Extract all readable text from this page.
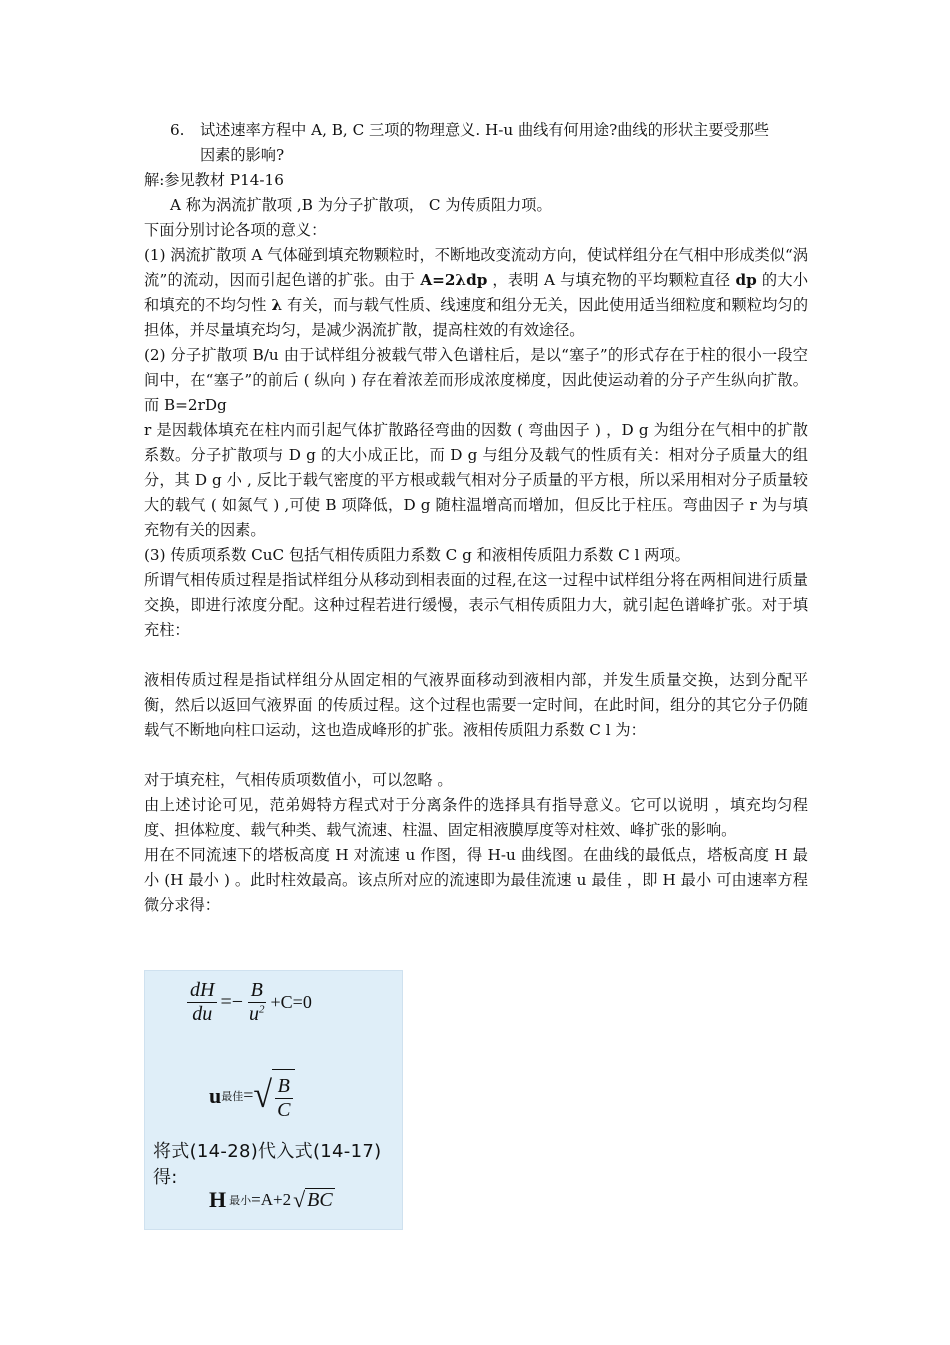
6.	试述速率方程中 A, B, C 三项的物理意义. H-u 曲线有何用途?曲线的形状主要受那些
因素的影响?
解:参见教材 P14-16
A 称为涡流扩散项 ,B 为分子扩散项， C 为传质阻力项。
下面分别讨论各项的意义：
(1) 涡流扩散项 A 气体碰到填充物颗粒时，不断地改变流动方向，使试样组分在气相中形成类似“涡流”的流动，因而引起色谱的扩张。由于 A=2λdp ，表明 A 与填充物的平均颗粒直径 dp 的大小和填充的不均匀性 λ 有关，而与载气性质、线速度和组分无关，因此使用适当细粒度和颗粒均匀的担体，并尽量填充均匀，是减少涡流扩散，提高柱效的有效途径。
(2) 分子扩散项 B/u 由于试样组分被载气带入色谱柱后，是以“塞子”的形式存在于柱的很小一段空间中，在“塞子”的前后 ( 纵向 ) 存在着浓差而形成浓度梯度，因此使运动着的分子产生纵向扩散。而 B=2rDg
r 是因载体填充在柱内而引起气体扩散路径弯曲的因数 ( 弯曲因子 ) ，D g 为组分在气相中的扩散系数。分子扩散项与 D g 的大小成正比，而 D g 与组分及载气的性质有关：相对分子质量大的组分，其 D g 小 , 反比于载气密度的平方根或载气相对分子质量的平方根，所以采用相对分子质量较大的载气 ( 如氮气 ) ,可使 B 项降低，D g 随柱温增高而增加，但反比于柱压。弯曲因子 r 为与填充物有关的因素。
(3) 传质项系数 CuC 包括气相传质阻力系数 C g 和液相传质阻力系数 C l 两项。
所谓气相传质过程是指试样组分从移动到相表面的过程,在这一过程中试样组分将在两相间进行质量交换，即进行浓度分配。这种过程若进行缓慢，表示气相传质阻力大，就引起色谱峰扩张。对于填充柱：
液相传质过程是指试样组分从固定相的气液界面移动到液相内部，并发生质量交换，达到分配平衡，然后以返回气液界面 的传质过程。这个过程也需要一定时间，在此时间，组分的其它分子仍随载气不断地向柱口运动，这也造成峰形的扩张。液相传质阻力系数 C l 为：
对于填充柱，气相传质项数值小，可以忽略 。
由上述讨论可见，范弟姆特方程式对于分离条件的选择具有指导意义。它可以说明 ，填充均匀程度、担体粒度、载气种类、载气流速、柱温、固定相液膜厚度等对柱效、峰扩张的影响。
用在不同流速下的塔板高度 H 对流速 u 作图，得 H-u 曲线图。在曲线的最低点，塔板高度 H 最小 (H 最小 ) 。此时柱效最高。该点所对应的流速即为最佳流速 u 最佳 ，即 H 最小 可由速率方程微分求得：
$\frac{dH}{du} =- \frac{B}{u^2} +C=0$
u 最佳 = √ $\frac{B}{C}$
将式(14-28)代入式(14-17)得:
H 最小 =A+2 √ BC
